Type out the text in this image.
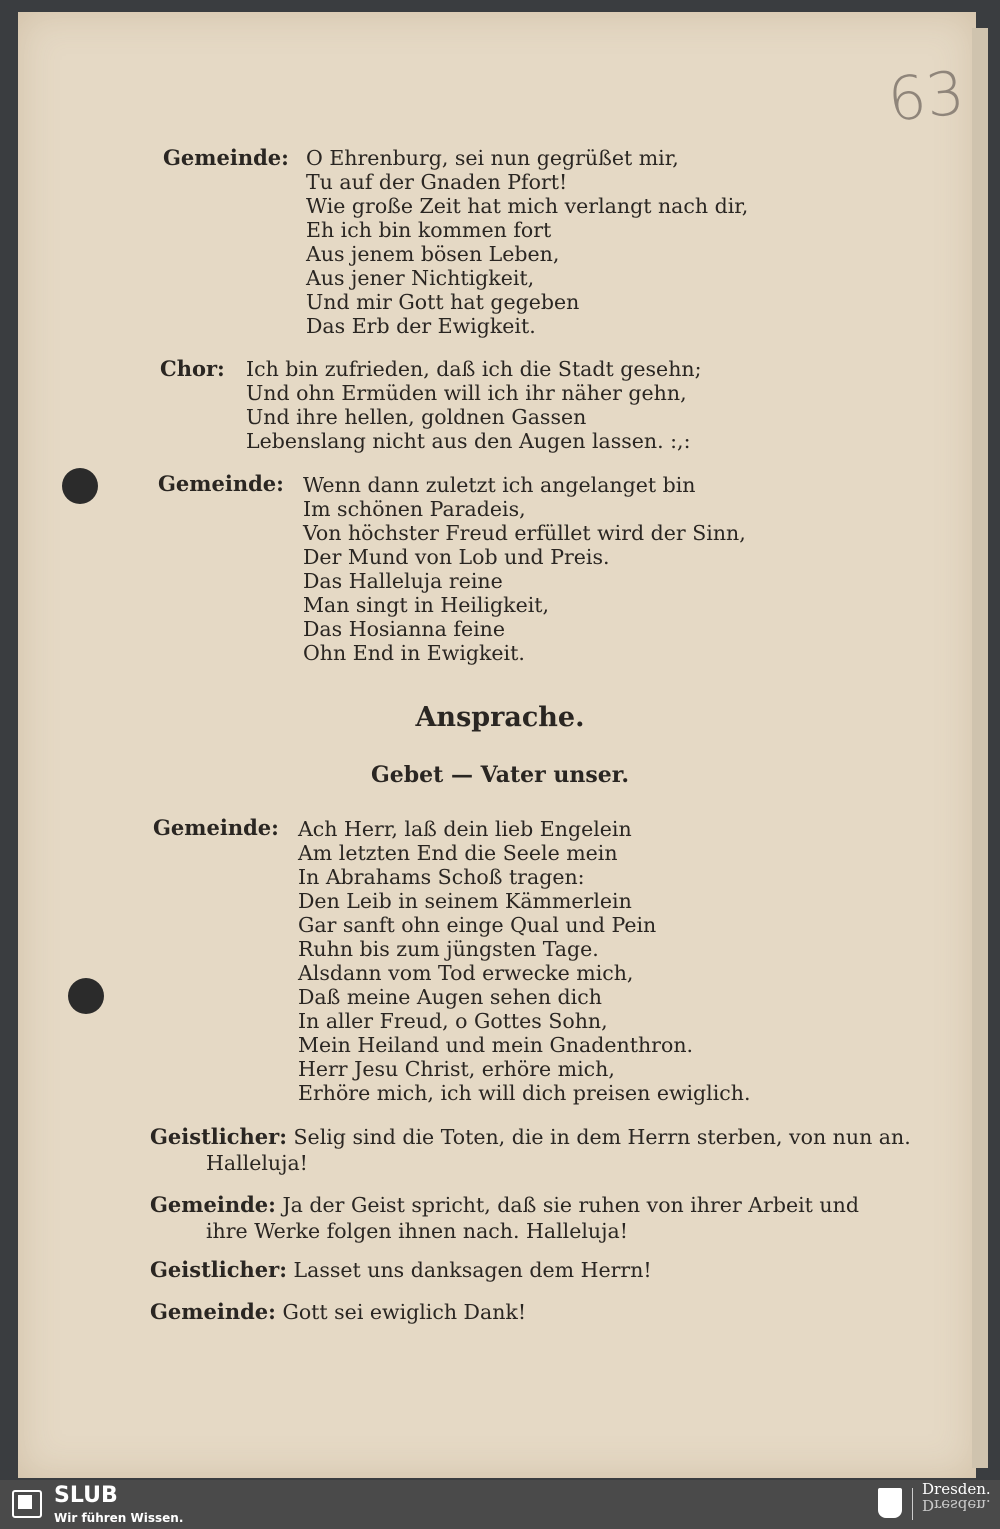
63
Gemeinde: O Ehrenburg, sei nun gegrüßet mir,
Tu auf der Gnaden Pfort!
Wie große Zeit hat mich verlangt nach dir,
Eh ich bin kommen fort
Aus jenem bösen Leben,
Aus jener Nichtigkeit,
Und mir Gott hat gegeben
Das Erb der Ewigkeit.
Chor: Ich bin zufrieden, daß ich die Stadt gesehn;
Und ohn Ermüden will ich ihr näher gehn,
Und ihre hellen, goldnen Gassen
Lebenslang nicht aus den Augen lassen. :,:
Gemeinde: Wenn dann zuletzt ich angelanget bin
Im schönen Paradeis,
Von höchster Freud erfüllet wird der Sinn,
Der Mund von Lob und Preis.
Das Halleluja reine
Man singt in Heiligkeit,
Das Hosianna feine
Ohn End in Ewigkeit.
Ansprache.
Gebet — Vater unser.
Gemeinde: Ach Herr, laß dein lieb Engelein
Am letzten End die Seele mein
In Abrahams Schoß tragen:
Den Leib in seinem Kämmerlein
Gar sanft ohn einge Qual und Pein
Ruhn bis zum jüngsten Tage.
Alsdann vom Tod erwecke mich,
Daß meine Augen sehen dich
In aller Freud, o Gottes Sohn,
Mein Heiland und mein Gnadenthron.
Herr Jesu Christ, erhöre mich,
Erhöre mich, ich will dich preisen ewiglich.
Geistlicher: Selig sind die Toten, die in dem Herrn sterben, von nun an.
Halleluja!
Gemeinde: Ja der Geist spricht, daß sie ruhen von ihrer Arbeit und
ihre Werke folgen ihnen nach. Halleluja!
Geistlicher: Lasset uns danksagen dem Herrn!
Gemeinde: Gott sei ewiglich Dank!
SLUB
Wir führen Wissen.
Dresden.
Dresden.
